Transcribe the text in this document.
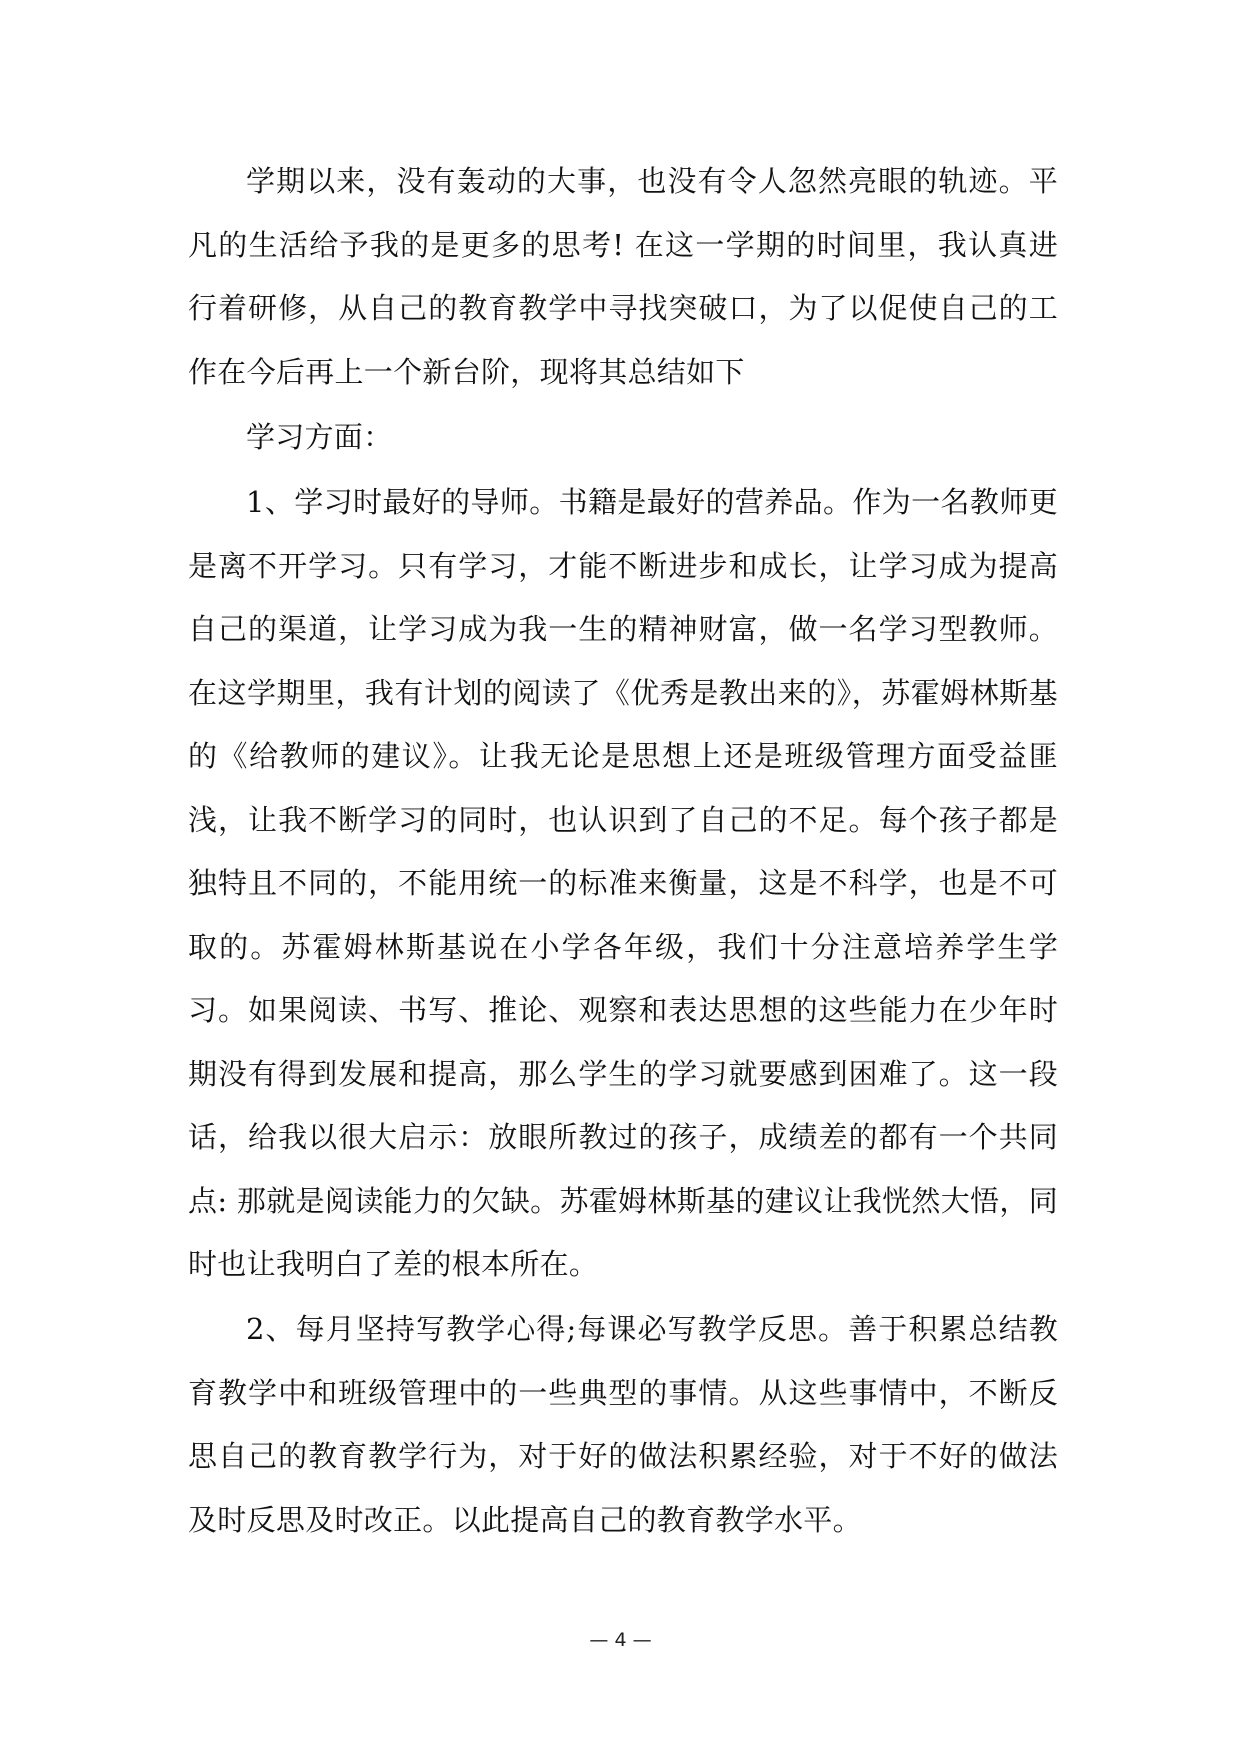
学期以来，没有轰动的大事，也没有令人忽然亮眼的轨迹。平凡的生活给予我的是更多的思考! 在这一学期的时间里，我认真进行着研修，从自己的教育教学中寻找突破口，为了以促使自己的工作在今后再上一个新台阶，现将其总结如下

学习方面：

1、学习时最好的导师。书籍是最好的营养品。作为一名教师更是离不开学习。只有学习，才能不断进步和成长，让学习成为提高自己的渠道，让学习成为我一生的精神财富，做一名学习型教师。在这学期里，我有计划的阅读了《优秀是教出来的》，苏霍姆林斯基的《给教师的建议》。让我无论是思想上还是班级管理方面受益匪浅，让我不断学习的同时，也认识到了自己的不足。每个孩子都是独特且不同的，不能用统一的标准来衡量，这是不科学，也是不可取的。苏霍姆林斯基说在小学各年级，我们十分注意培养学生学习。如果阅读、书写、推论、观察和表达思想的这些能力在少年时期没有得到发展和提高，那么学生的学习就要感到困难了。这一段话，给我以很大启示：放眼所教过的孩子，成绩差的都有一个共同点: 那就是阅读能力的欠缺。苏霍姆林斯基的建议让我恍然大悟，同时也让我明白了差的根本所在。

2、每月坚持写教学心得;每课必写教学反思。善于积累总结教育教学中和班级管理中的一些典型的事情。从这些事情中，不断反思自己的教育教学行为，对于好的做法积累经验，对于不好的做法及时反思及时改正。以此提高自己的教育教学水平。

— 4 —
